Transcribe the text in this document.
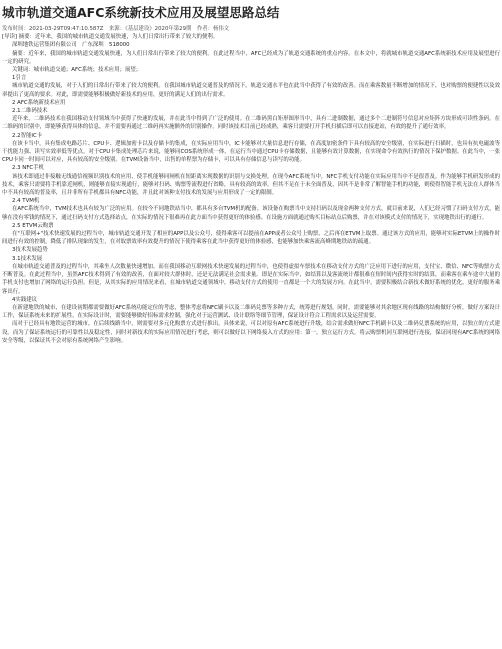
城市轨道交通AFC系统新技术应用及展望思路总结
发布时间：2021-03-29T09:47:10.587Z　来源：《基层建设》2020年第29期　作者：杨伟文
[导读] 摘要：近年来，我国的城市轨道交通发展快速，为人们日常出行带来了较大的便利。
深圳地铁运营集团有限公司　广东深圳　518000
摘要：近年来，我国的城市轨道交通发展快速，为人们日常出行带来了较大的便利。在此过程当中，AFC已经成为了轨道交通系统的重点内容。在本文中，将就城市轨道交通AFC系统新技术应用及展望进行一定的研究。
关键词：城市轨道交通；AFC系统；技术应用；展望；
1引言
城市轨道交通的发展，对于人们的日常出行带来了较大的便利。在我国城市轨道交通普及的情况下，轨道交通水平也在此当中获得了有效的改善。而在乘客数量不断增加的情况下，也对购票的便捷性以及效率提出了更高的要求。对此，即需要能够积极做好新技术的应用，更好的满足人们的出行需求。
2 AFC系统新技术应用
2.1二维码技术
近年来，二维码技术在我国移动支付领域当中获得了快速的发展，并在此当中得到了广泛的使用。在二维码黑白矩形图形当中，具有二进制数据，通过多个二进制符号信息对应矩阵方块形成可读性条码。在二维码的识别中，即能够获得具体的信息，并不需要再通过二维码再实施额外的识别操作。同时该技术目前已经成熟，乘客只需要打开手机扫描后即可以直接进站，有效的提升了通行效率。
2.2智能IC卡
在该卡当中，具有集成电路芯片、CPU卡、逻辑加密卡以及存储卡的集成，在实际应用当中，IC卡能够对大量信息进行存储，在高度加密条件下具有较高的安全级别，在实际进行扫描时，也具有抗电磁波等干扰能力强、读写实效率低等优点。对于CPU卡集成处理芯片来说，能够同COS系统形成一体，在运行当中通过CPU卡存储数据，且能够有效计算数据，在实现命令有效执行的情况下保护数据。在此当中，一张CPU卡同一时间可以对应，具有较高的安全级别。在TVM设备当中，出售的单程票为存储卡，可以具有存储信息与读写的功能。
2.3 NFC手机
该技术即通过非接触无线通信视频识别技术的应用，使手机能够同闸机在短距离实现数据的识别与交换处理。在现今AFC系统当中，NFC手机支付功能在实际应用当中不是很普及。作为能够手机研发形成的技术，乘客只需要将手机靠近闸机，则能够直接实现通行，能够对扫码、购票等流程进行省略，具有较高的效率。但其不足在于未全面普及，因其不是非常了解智能手机的功能，则使得智能手机无法在人群体当中不具有较高的普及率，且并非所有手机都具有NFC功能，并且此对该种支付技术的发展与应用形成了一定的限制。
2.4 TVM机
在AFC系统当中，TVM技术也具有较为广泛的应用。在较今不同地铁站当中，都具有多台TVM机的配备。该设备在购票当中支持扫码以及现金两种支付方式。就目前来说，人们已经习惯了扫码支付方式，能够在没有零钱的情况下，通过扫码支付方式选择站点，在实际的情况下很难再在此方面当中获得更好的体验感。在设施方面就通过购买目标站点后购票，并在对该模式支付的情况下，实现地铁出行的通行。
2.5 ETVM云购票
在"互联网+"技术快速发展的过程当中，城市轨道交通开发了相应的APP以及公众号，使得乘客可以提前在APP或者公众号上购票，之后再在ETVM上取票。通过该方式的应用，能够对实际ETVM上的操作时间进行有效的控制，降低了排队现象的发生，在对取票效率有效提升的情况下使得乘客在此当中获得更好的体验感，也能够加快乘客流高峰期地铁站的疏通。
3技术发展趋势
3.1技术发展
在城市轨道交通普及的过程当中，其乘坐人次数量快速增加。而在我国移动互联网技术快速发展的过程当中，也使得虚拟车票技术在移动支付方式的广泛应用下进行的应用，支付宝、微信、NFC等购票方式不断普及。在此过程当中，虽然AFC技术得到了有效的改善，在面对较大群体时，还是无法满足社会需求量。即是在实际当中，如结算以及客流统计都很难在短时间内获得实时的结算，而乘客在乘车途中大量的手机支付也增加了网络的运行负担。但是，从其实际的应用情况来看，在城市轨道交通领域中，移动支付方式的使用一直都是一个大的发展方向。在此当中，需要积极结合新技术做好系统的优化，更好的服务乘客出行。
4实践建议
在新建地铁的城市，在建设初期都需要做好AFC系统功能定位的考虑，整体考虑将NFC刷卡以及二维码兑票等多种方式，统筹进行规划。同时，需要能够对其余地区现有线路的结构做好分析，做好方案设计工作，保证系统未来的扩展性。在实际设计时，需要能够做好招标需求控制，强化对于运营测试、设计联络等细节管理，保证设计符合工程需求以及运营需要。
而对于已经具有地铁运营的城市，在后续线路当中，则需要对多元化购票方式进行推出。具体来说，可以对原有AFC系统进行升级，结合需求做好NFC手机刷卡以及二维码兑票系统的应用，以独立的方式建设。而为了保证系统运行的可靠性以及稳定性，同时对新技术的实际应用情况进行考虑，则可以做好以下网络接入方式的应用：第一，独立运行方式。将云购票机同互联网进行连接，保证同现有AFC系统的网络安全等级，以保证其不会对原有系统网络产生影响。
